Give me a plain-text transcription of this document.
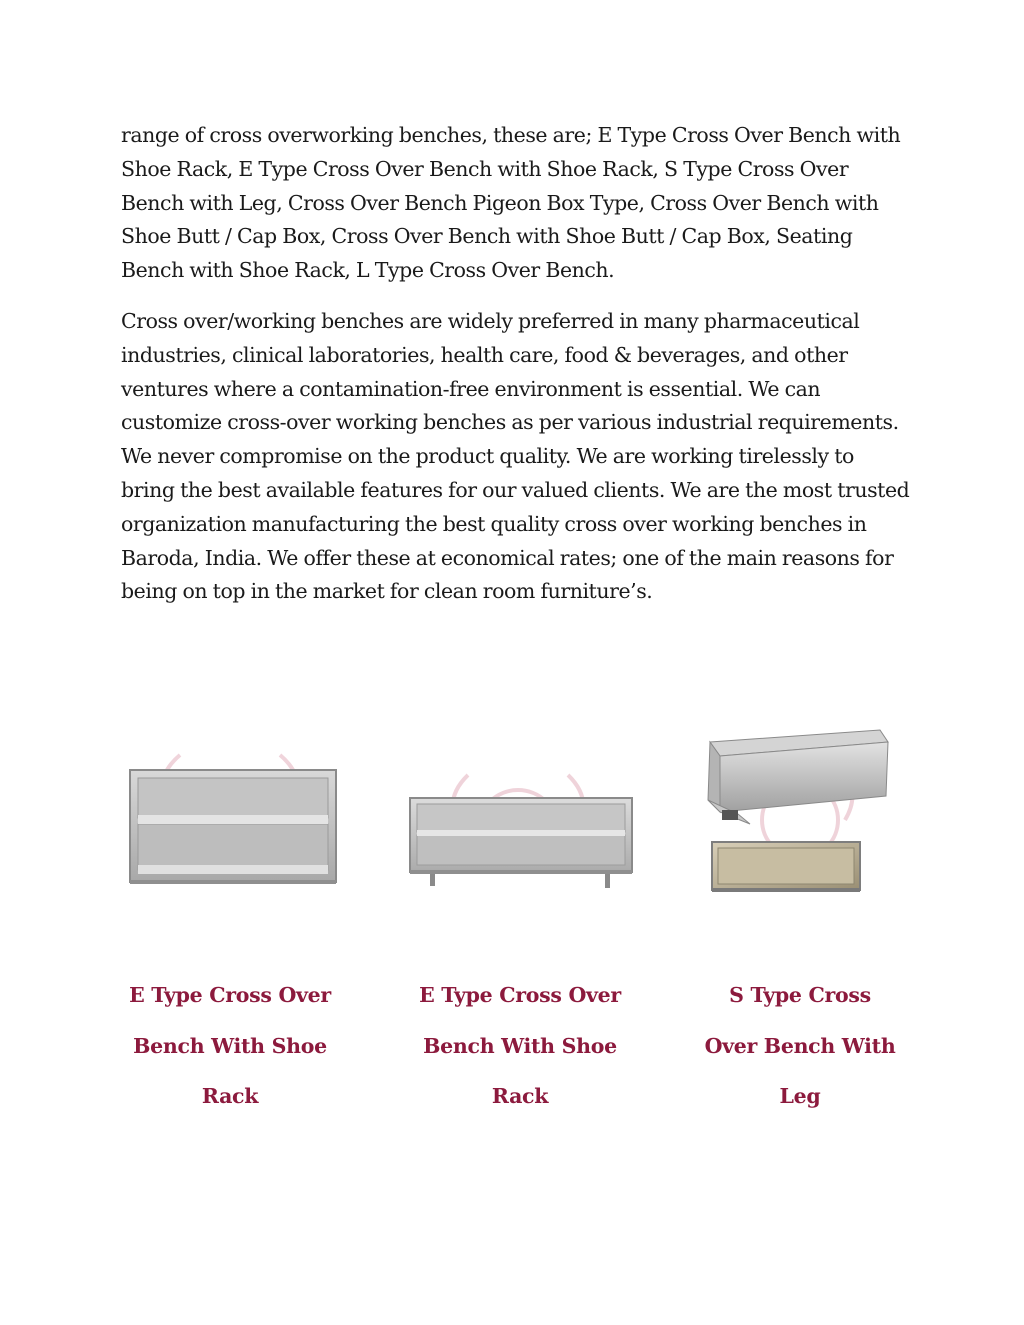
range of cross overworking benches, these are; E Type Cross Over Bench with Shoe Rack, E Type Cross Over Bench with Shoe Rack, S Type Cross Over Bench with Leg, Cross Over Bench Pigeon Box Type, Cross Over Bench with Shoe Butt / Cap Box, Cross Over Bench with Shoe Butt / Cap Box, Seating Bench with Shoe Rack, L Type Cross Over Bench.

Cross over/working benches are widely preferred in many pharmaceutical industries, clinical laboratories, health care, food & beverages, and other ventures where a contamination-free environment is essential. We can customize cross-over working benches as per various industrial requirements. We never compromise on the product quality. We are working tirelessly to bring the best available features for our valued clients. We are the most trusted organization manufacturing the best quality cross over working benches in Baroda, India. We offer these at economical rates; one of the main reasons for being on top in the market for clean room furniture’s.

E Type Cross Over
Bench With Shoe
Rack
E Type Cross Over
Bench With Shoe
Rack
S Type Cross
Over Bench With
Leg
